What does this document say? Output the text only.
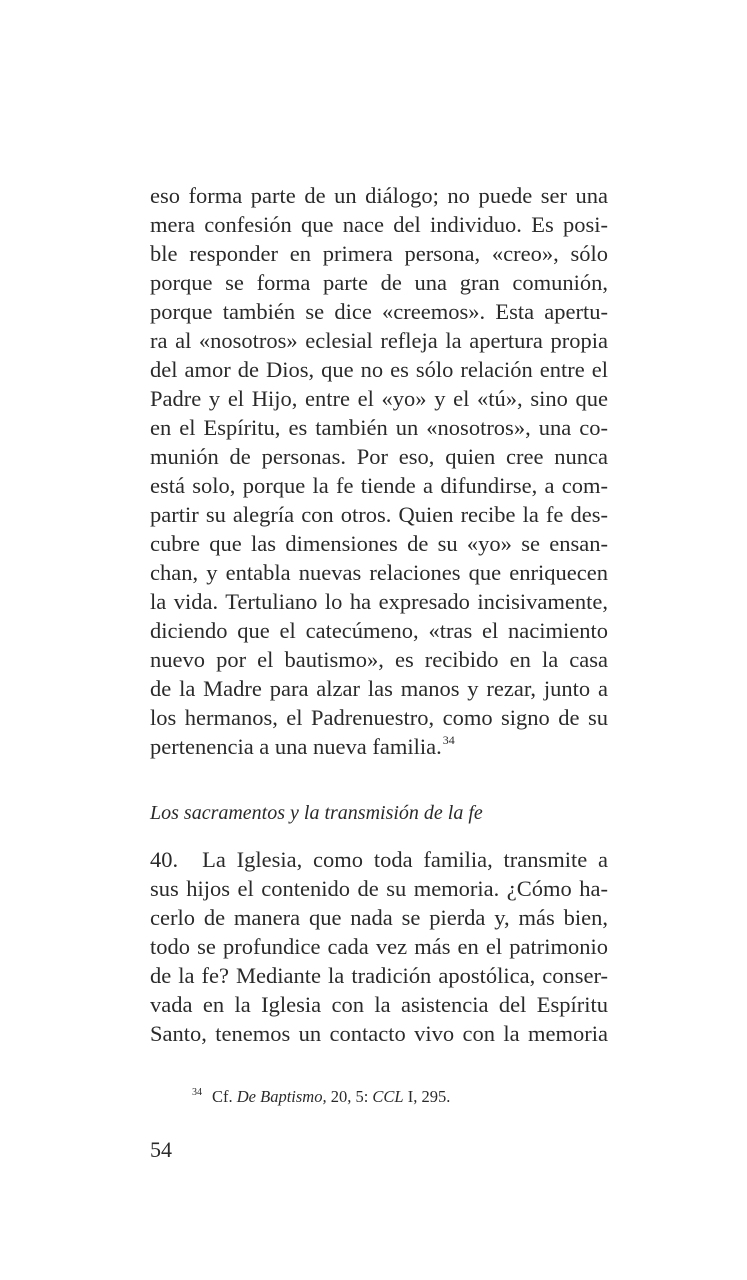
eso forma parte de un diálogo; no puede ser una
mera confesión que nace del individuo. Es posi-
ble responder en primera persona, «creo», sólo
porque se forma parte de una gran comunión,
porque también se dice «creemos». Esta apertu-
ra al «nosotros» eclesial refleja la apertura propia
del amor de Dios, que no es sólo relación entre el
Padre y el Hijo, entre el «yo» y el «tú», sino que
en el Espíritu, es también un «nosotros», una co-
munión de personas. Por eso, quien cree nunca
está solo, porque la fe tiende a difundirse, a com-
partir su alegría con otros. Quien recibe la fe des-
cubre que las dimensiones de su «yo» se ensan-
chan, y entabla nuevas relaciones que enriquecen
la vida. Tertuliano lo ha expresado incisivamente,
diciendo que el catecúmeno, «tras el nacimiento
nuevo por el bautismo», es recibido en la casa
de la Madre para alzar las manos y rezar, junto a
los hermanos, el Padrenuestro, como signo de su
pertenencia a una nueva familia.$^{34}$
Los sacramentos y la transmisión de la fe
40. La Iglesia, como toda familia, transmite a
sus hijos el contenido de su memoria. ¿Cómo ha-
cerlo de manera que nada se pierda y, más bien,
todo se profundice cada vez más en el patrimonio
de la fe? Mediante la tradición apostólica, conser-
vada en la Iglesia con la asistencia del Espíritu
Santo, tenemos un contacto vivo con la memoria
$^{34}$ Cf. De Baptismo, 20, 5: CCL I, 295.
54
